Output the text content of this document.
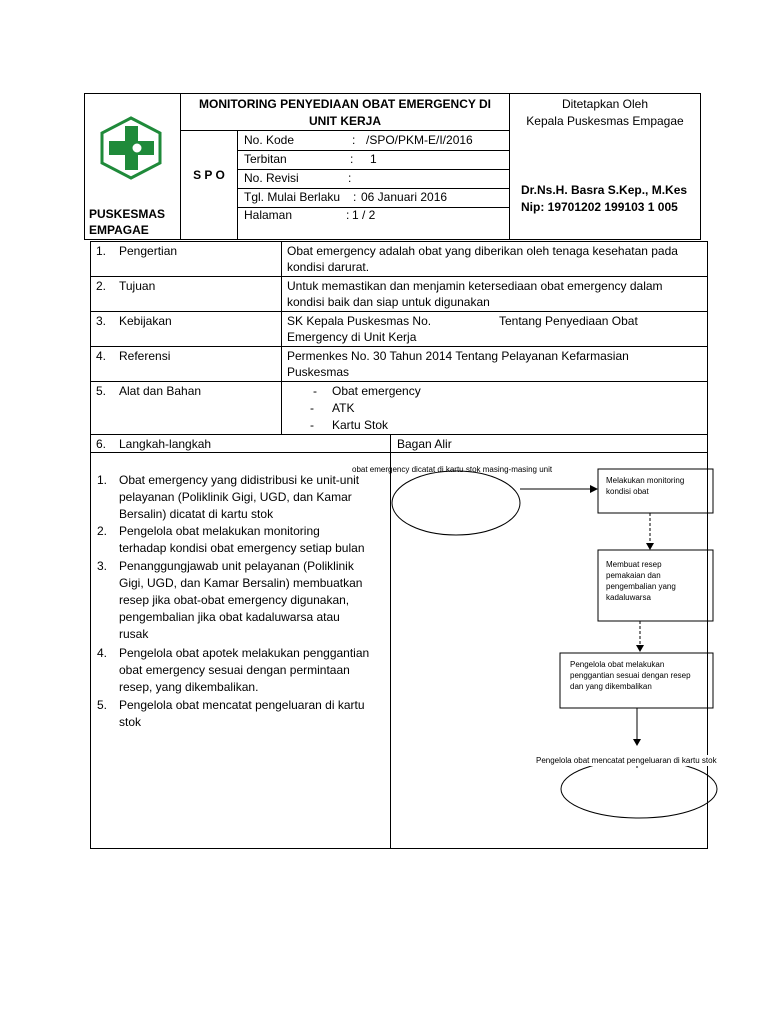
PUSKESMAS
EMPAGAE
MONITORING PENYEDIAAN OBAT EMERGENCY DI
UNIT KERJA
S P O
No. Kode	: /SPO/PKM-E/I/2016
Terbitan	: 1
No. Revisi	:
Tgl. Mulai Berlaku : 06 Januari 2016
Halaman	: 1 / 2
Ditetapkan Oleh
Kepala Puskesmas Empagae
Dr.Ns.H. Basra S.Kep., M.Kes
Nip: 19701202 199103 1 005
1. Pengertian	Obat emergency adalah obat yang diberikan oleh tenaga kesehatan pada
kondisi darurat.
2. Tujuan	Untuk memastikan dan menjamin ketersediaan obat emergency dalam
kondisi baik dan siap untuk digunakan
3. Kebijakan	SK Kepala Puskesmas No.	Tentang Penyediaan Obat
Emergency di Unit Kerja
4. Referensi	Permenkes No. 30 Tahun 2014 Tentang Pelayanan Kefarmasian
Puskesmas
5. Alat dan Bahan	- Obat emergency
- ATK
- Kartu Stok
6. Langkah-langkah	Bagan Alir
1. Obat emergency yang didistribusi ke unit-unit
pelayanan (Poliklinik Gigi, UGD, dan Kamar
Bersalin) dicatat di kartu stok
2. Pengelola obat melakukan monitoring
terhadap kondisi obat emergency setiap bulan
3. Penanggungjawab unit pelayanan (Poliklinik
Gigi, UGD, dan Kamar Bersalin) membuatkan
resep jika obat-obat emergency digunakan,
pengembalian jika obat kadaluwarsa atau
rusak
4. Pengelola obat apotek melakukan penggantian
obat emergency sesuai dengan permintaan
resep, yang dikembalikan.
5. Pengelola obat mencatat pengeluaran di kartu
stok
obat emergency dicatat di kartu stok masing-masing unit
Melakukan monitoring kondisi obat
Membuat resep pemakaian dan pengembalian yang kadaluwarsa
Pengelola obat melakukan penggantian sesuai dengan resep dan yang dikembalikan
Pengelola obat mencatat pengeluaran di kartu stok
